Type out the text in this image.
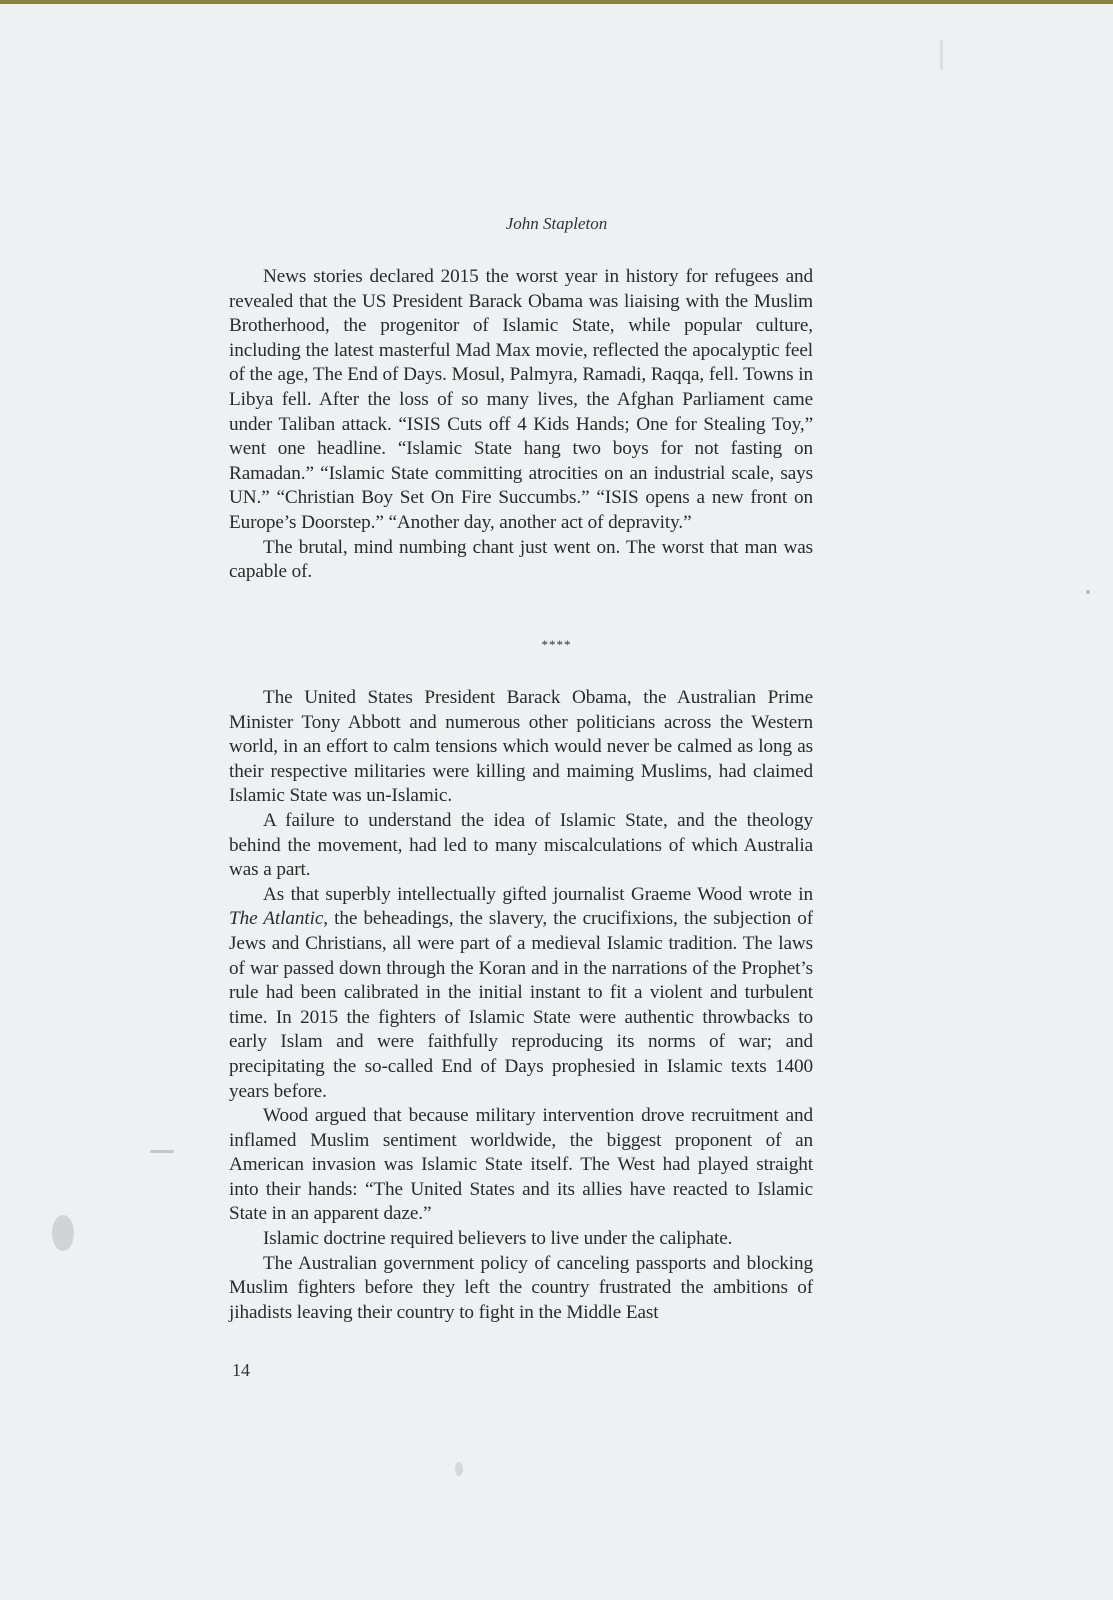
John Stapleton

News stories declared 2015 the worst year in history for refugees and revealed that the US President Barack Obama was liaising with the Muslim Brotherhood, the progenitor of Islamic State, while popular culture, including the latest masterful Mad Max movie, reflected the apocalyptic feel of the age, The End of Days. Mosul, Palmyra, Ramadi, Raqqa, fell. Towns in Libya fell. After the loss of so many lives, the Afghan Parliament came under Taliban attack. “ISIS Cuts off 4 Kids Hands; One for Stealing Toy,” went one headline. “Islamic State hang two boys for not fasting on Ramadan.” “Islamic State committing atrocities on an industrial scale, says UN.” “Christian Boy Set On Fire Succumbs.” “ISIS opens a new front on Europe’s Doorstep.” “Another day, another act of depravity.”

The brutal, mind numbing chant just went on. The worst that man was capable of.

****

The United States President Barack Obama, the Australian Prime Minister Tony Abbott and numerous other politicians across the Western world, in an effort to calm tensions which would never be calmed as long as their respective militaries were killing and maiming Muslims, had claimed Islamic State was un-Islamic.

A failure to understand the idea of Islamic State, and the theology behind the movement, had led to many miscalculations of which Australia was a part.

As that superbly intellectually gifted journalist Graeme Wood wrote in The Atlantic, the beheadings, the slavery, the crucifixions, the subjection of Jews and Christians, all were part of a medieval Islamic tradition. The laws of war passed down through the Koran and in the narrations of the Prophet’s rule had been calibrated in the initial instant to fit a violent and turbulent time. In 2015 the fighters of Islamic State were authentic throwbacks to early Islam and were faithfully reproducing its norms of war; and precipitating the so-called End of Days prophesied in Islamic texts 1400 years before.

Wood argued that because military intervention drove recruitment and inflamed Muslim sentiment worldwide, the biggest proponent of an American invasion was Islamic State itself. The West had played straight into their hands: “The United States and its allies have reacted to Islamic State in an apparent daze.”

Islamic doctrine required believers to live under the caliphate.

The Australian government policy of canceling passports and blocking Muslim fighters before they left the country frustrated the ambitions of jihadists leaving their country to fight in the Middle East

14
